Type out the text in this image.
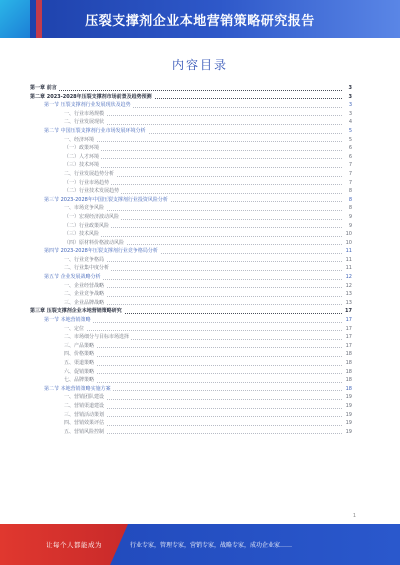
压裂支撑剂企业本地营销策略研究报告
内容目录
第一章 前言	3
第二章 2023-2028年压裂支撑剂市场前景及趋势预测	3
第一节 压裂支撑剂行业发展现状及趋势	3
一、行业市场规模	3
二、行业发展现状	4
第二节 中国压裂支撑剂行业市场发展环境分析	5
一、经济环境	5
（一）政策环境	6
（二）人才环境	6
（三）技术环境	7
二、行业发展趋势分析	7
（一）行业市场趋势	7
（二）行业技术发展趋势	8
第三节 2023-2028年中国压裂支撑剂行业投资风险分析	8
一、市场竞争风险	8
（一）宏观经济波动风险	9
（二）行业政策风险	9
（三）技术风险	10
（四）原材料价格波动风险	10
第四节 2023-2028年压裂支撑剂行业竞争格局分析	11
一、行业竞争格局	11
二、行业集中度分析	11
第五节 企业发展战略分析	12
一、企业经营战略	12
二、企业竞争战略	13
三、企业品牌战略	13
第三章 压裂支撑剂企业本地营销策略研究	17
第一节 本地营销策略	17
一、定位	17
二、市场细分与目标市场选择	17
三、产品策略	17
四、价格策略	18
五、渠道策略	18
六、促销策略	18
七、品牌策略	18
第二节 本地营销策略实施方案	18
一、营销团队建设	19
二、营销渠道建设	19
三、营销活动策划	19
四、营销效果评估	19
五、营销风险控制	19
1
让每个人都能成为	行业专家，管理专家，营销专家，战略专家，成功企业家……
